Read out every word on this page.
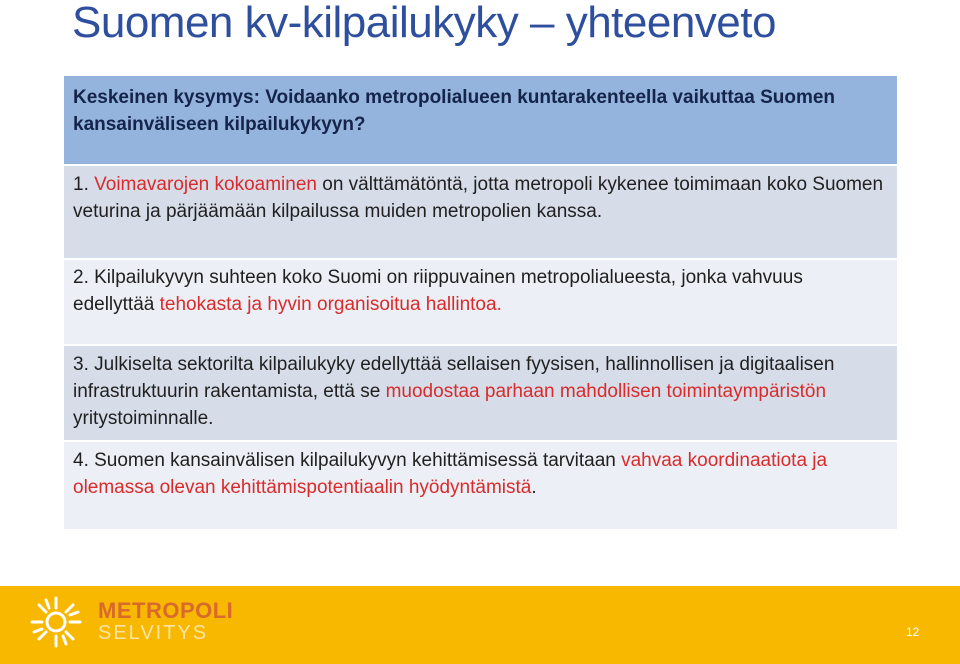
Suomen kv-kilpailukyky – yhteenveto
Keskeinen kysymys: Voidaanko metropolialueen kuntarakenteella vaikuttaa Suomen kansainväliseen kilpailukykyyn?
1. Voimavarojen kokoaminen on välttämätöntä, jotta metropoli kykenee toimimaan koko Suomen veturina ja pärjäämään kilpailussa muiden metropolien kanssa.
2. Kilpailukyvyn suhteen koko Suomi on riippuvainen metropolialueesta, jonka vahvuus edellyttää tehokasta ja hyvin organisoitua hallintoa.
3. Julkiselta sektorilta kilpailukyky edellyttää sellaisen fyysisen, hallinnollisen ja digitaalisen infrastruktuurin rakentamista, että se muodostaa parhaan mahdollisen toimintaympäristön yritystoiminnalle.
4. Suomen kansainvälisen kilpailukyvyn kehittämisessä tarvitaan vahvaa koordinaatiota ja olemassa olevan kehittämispotentiaalin hyödyntämistä.
METROPOLI
SELVITYS	12
